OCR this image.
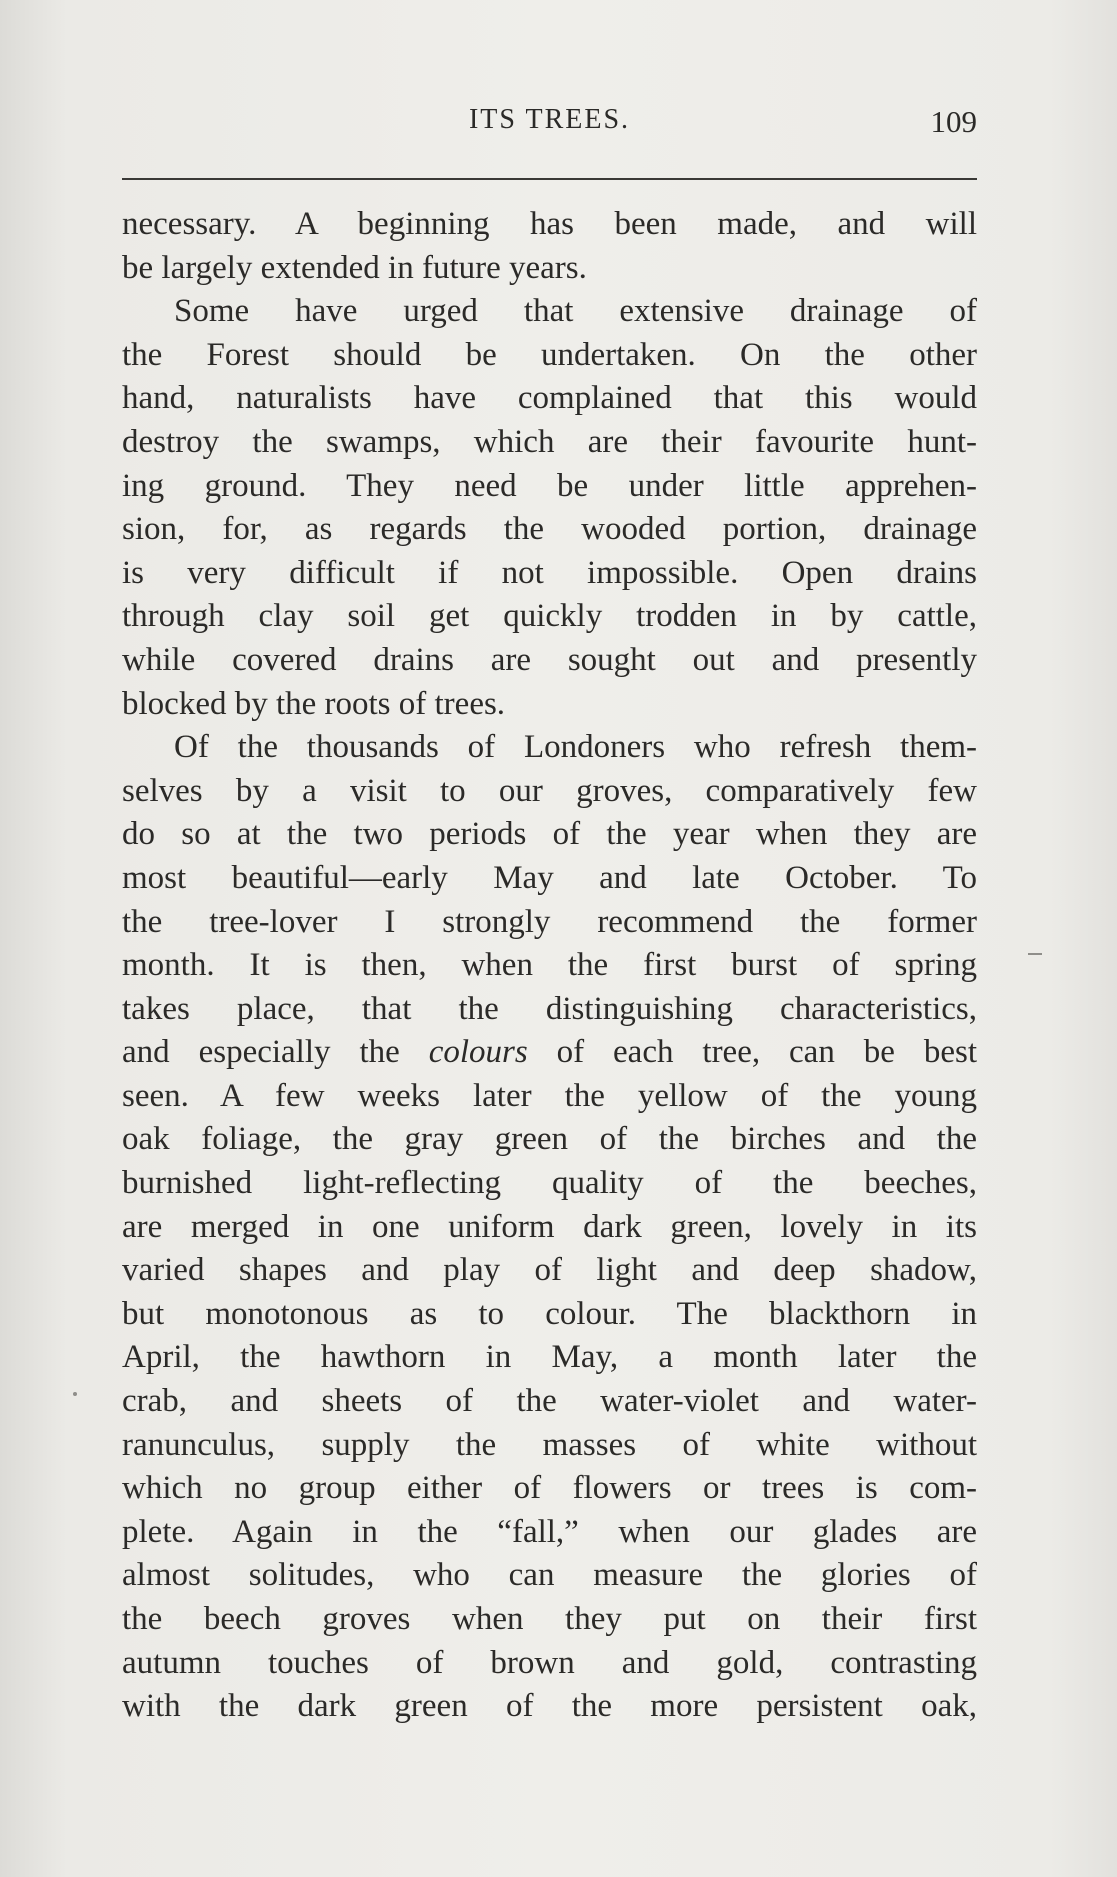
ITS TREES.	109
necessary. A beginning has been made, and will
be largely extended in future years.
Some have urged that extensive drainage of
the Forest should be undertaken. On the other
hand, naturalists have complained that this would
destroy the swamps, which are their favourite hunt-
ing ground. They need be under little apprehen-
sion, for, as regards the wooded portion, drainage
is very difficult if not impossible. Open drains
through clay soil get quickly trodden in by cattle,
while covered drains are sought out and presently
blocked by the roots of trees.
Of the thousands of Londoners who refresh them-
selves by a visit to our groves, comparatively few
do so at the two periods of the year when they are
most beautiful—early May and late October. To
the tree-lover I strongly recommend the former
month. It is then, when the first burst of spring
takes place, that the distinguishing characteristics,
and especially the colours of each tree, can be best
seen. A few weeks later the yellow of the young
oak foliage, the gray green of the birches and the
burnished light-reflecting quality of the beeches,
are merged in one uniform dark green, lovely in its
varied shapes and play of light and deep shadow,
but monotonous as to colour. The blackthorn in
April, the hawthorn in May, a month later the
crab, and sheets of the water-violet and water-
ranunculus, supply the masses of white without
which no group either of flowers or trees is com-
plete. Again in the “fall,” when our glades are
almost solitudes, who can measure the glories of
the beech groves when they put on their first
autumn touches of brown and gold, contrasting
with the dark green of the more persistent oak,
